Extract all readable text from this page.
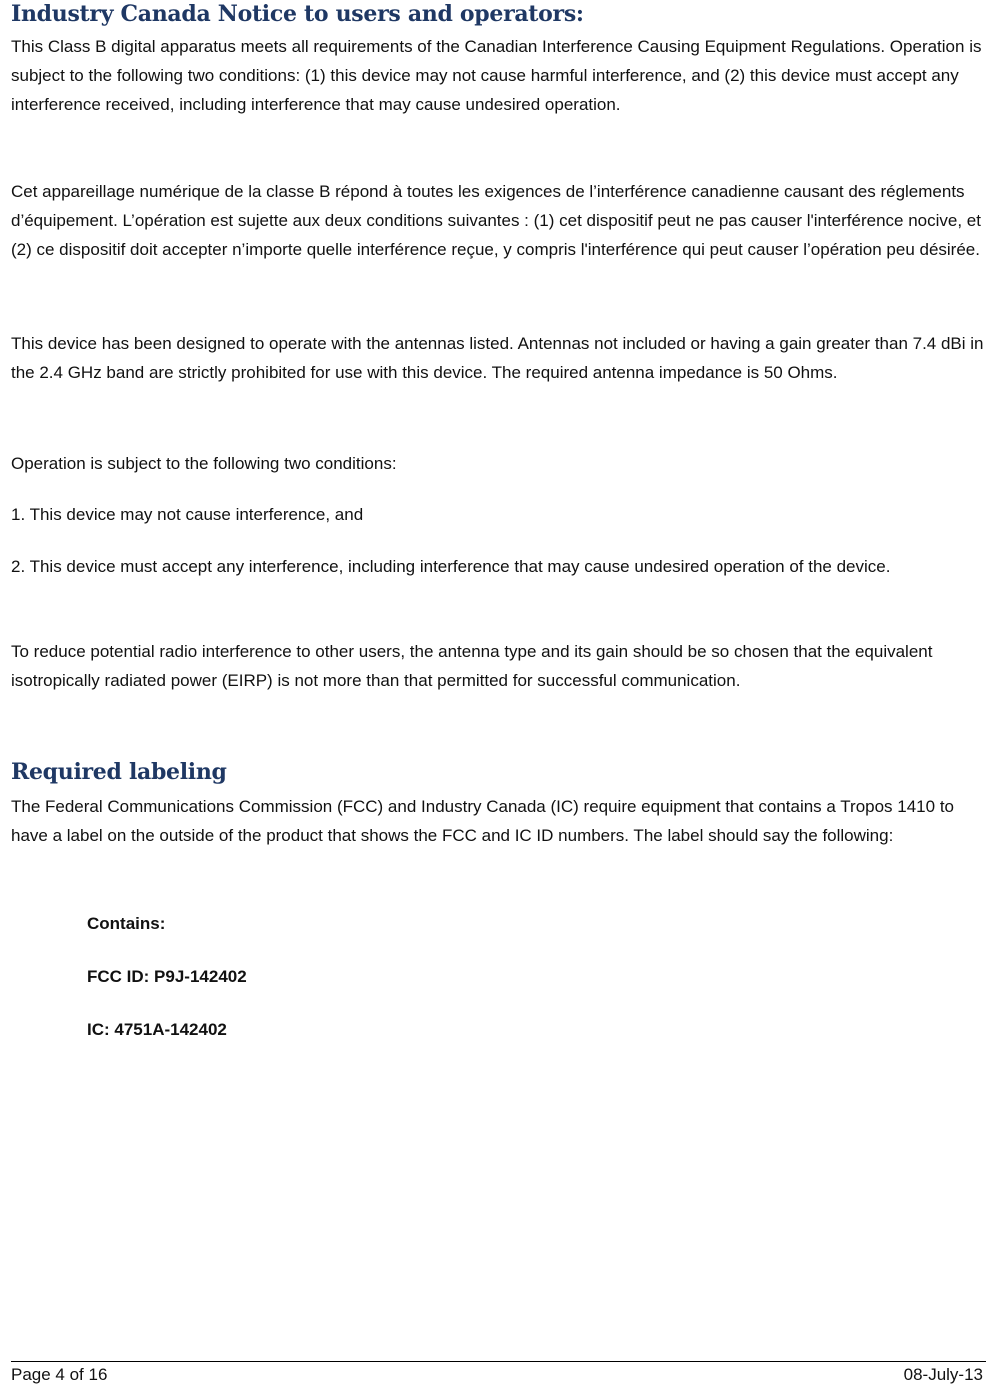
Industry Canada Notice to users and operators:

This Class B digital apparatus meets all requirements of the Canadian Interference Causing Equipment Regulations. Operation is subject to the following two conditions: (1) this device may not cause harmful interference, and (2) this device must accept any interference received, including interference that may cause undesired operation.

Cet appareillage numérique de la classe B répond à toutes les exigences de l’interférence canadienne causant des réglements d’équipement. L’opération est sujette aux deux conditions suivantes : (1) cet dispositif peut ne pas causer l'interférence nocive, et (2) ce dispositif doit accepter n’importe quelle interférence reçue, y compris l'interférence qui peut causer l’opération peu désirée.

This device has been designed to operate with the antennas listed. Antennas not included or having a gain greater than 7.4 dBi in the 2.4 GHz band are strictly prohibited for use with this device. The required antenna impedance is 50 Ohms.

Operation is subject to the following two conditions:

1. This device may not cause interference, and

2. This device must accept any interference, including interference that may cause undesired operation of the device.

To reduce potential radio interference to other users, the antenna type and its gain should be so chosen that the equivalent isotropically radiated power (EIRP) is not more than that permitted for successful communication.

Required labeling

The Federal Communications Commission (FCC) and Industry Canada (IC) require equipment that contains a Tropos 1410 to have a label on the outside of the product that shows the FCC and IC ID numbers. The label should say the following:

Contains:
FCC ID: P9J-142402
IC: 4751A-142402
Page 4 of 16	08-July-13
